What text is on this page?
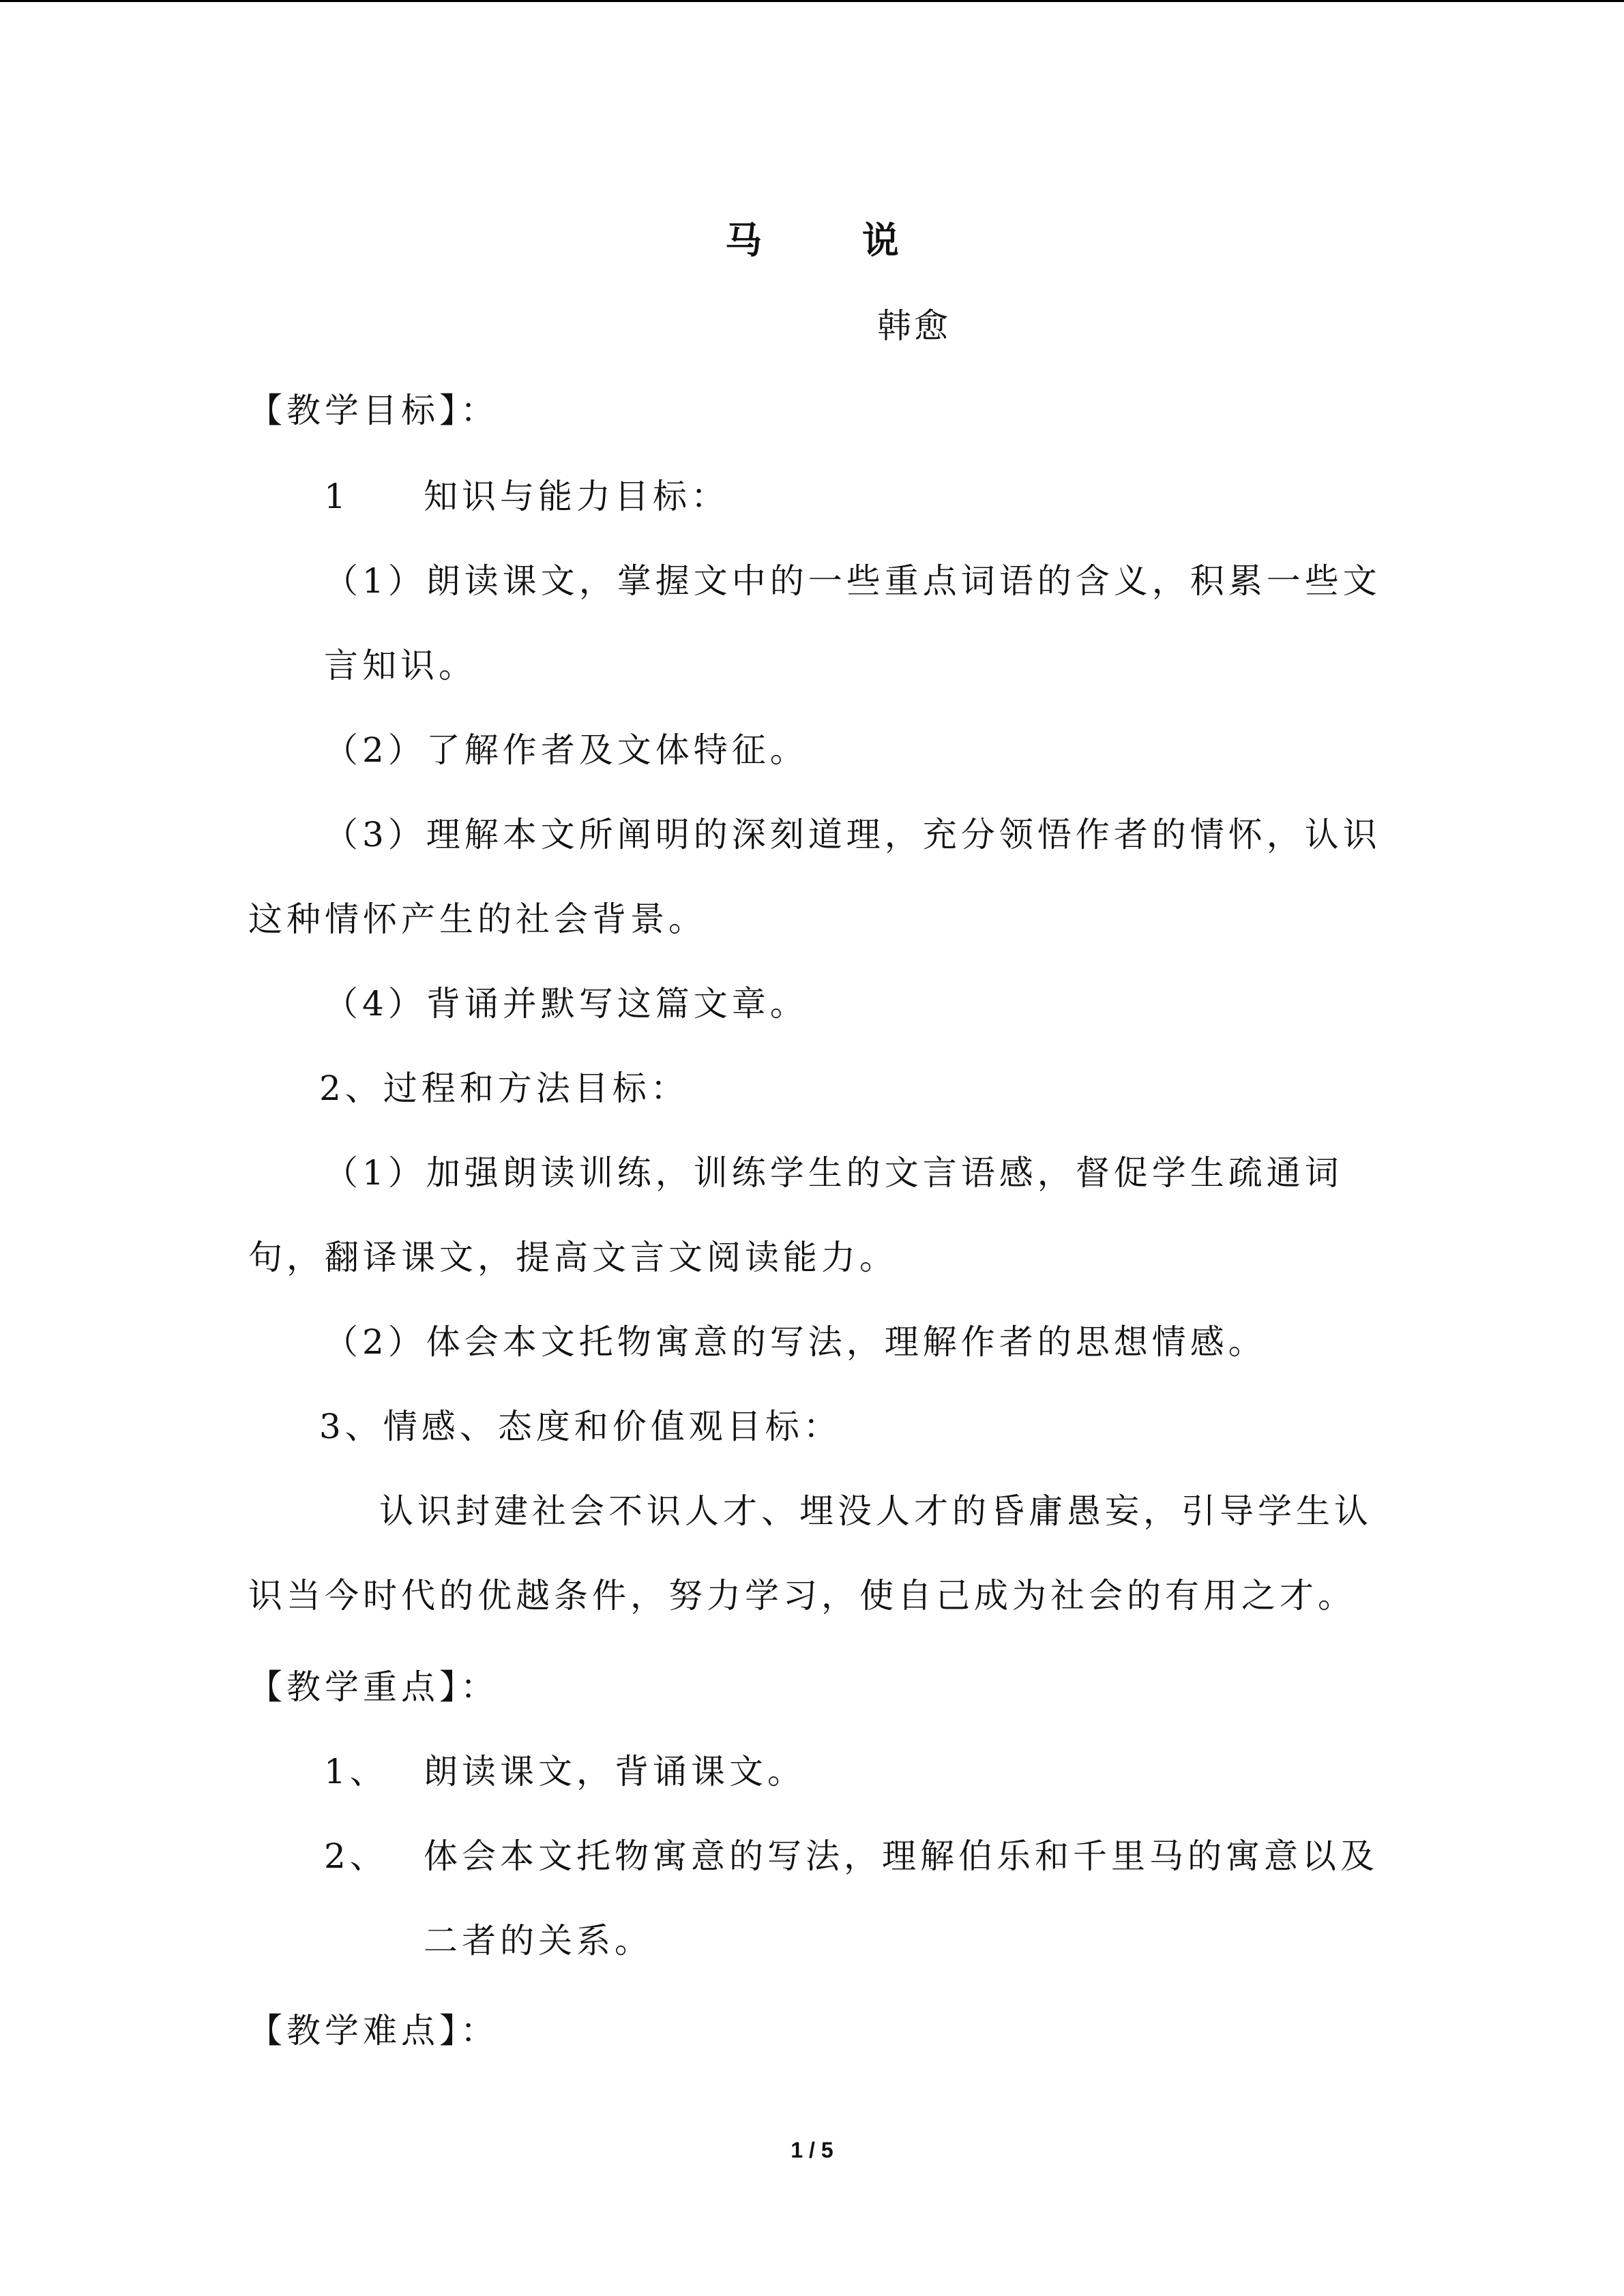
马 说
韩愈
【教学目标】：
1 知识与能力目标：
（1）朗读课文，掌握文中的一些重点词语的含义，积累一些文
言知识。
（2）了解作者及文体特征。
（3）理解本文所阐明的深刻道理，充分领悟作者的情怀，认识
这种情怀产生的社会背景。
（4）背诵并默写这篇文章。
2、过程和方法目标：
（1）加强朗读训练，训练学生的文言语感，督促学生疏通词
句，翻译课文，提高文言文阅读能力。
（2）体会本文托物寓意的写法，理解作者的思想情感。
3、情感、态度和价值观目标：
认识封建社会不识人才、埋没人才的昏庸愚妄，引导学生认
识当今时代的优越条件，努力学习，使自己成为社会的有用之才。
【教学重点】：
1、 朗读课文，背诵课文。
2、 体会本文托物寓意的写法，理解伯乐和千里马的寓意以及
二者的关系。
【教学难点】：
1 / 5
